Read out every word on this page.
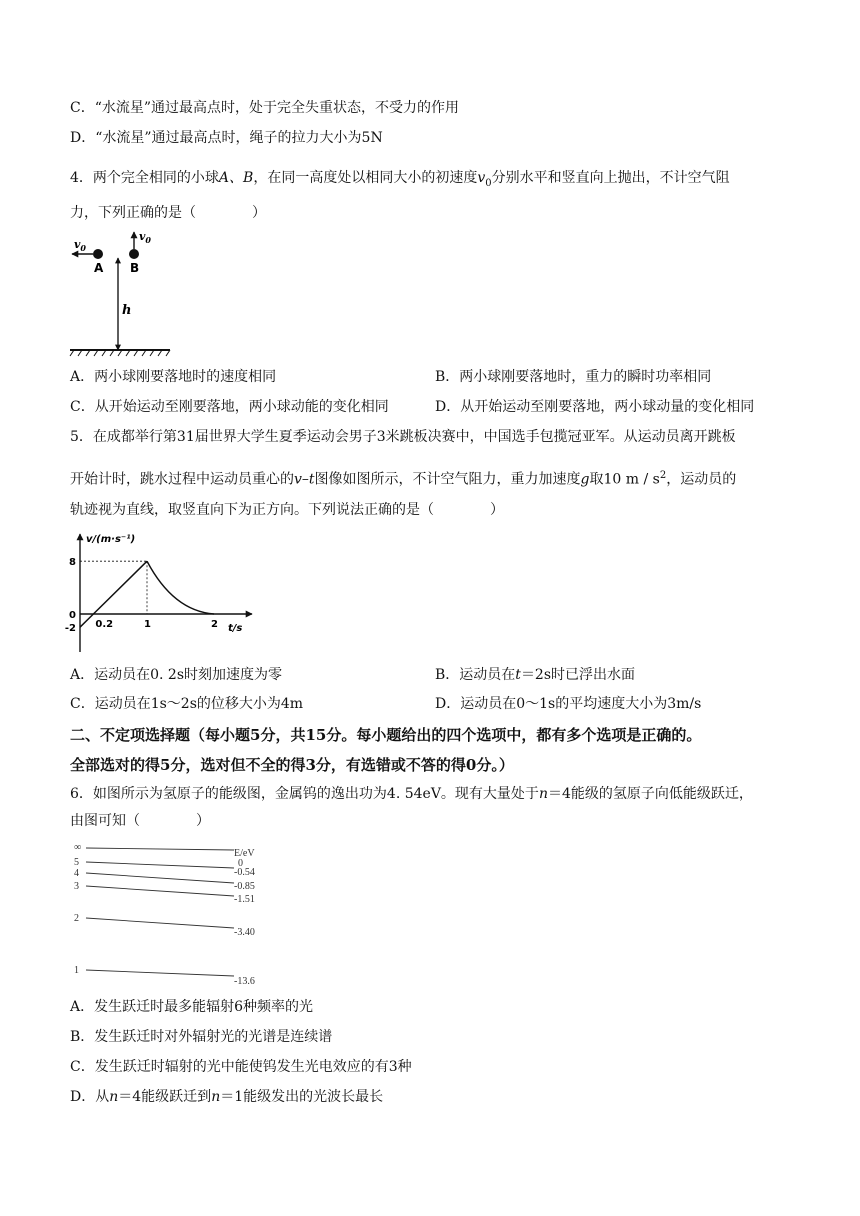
C．“水流星”通过最高点时，处于完全失重状态，不受力的作用
D．“水流星”通过最高点时，绳子的拉力大小为5N
4．两个完全相同的小球A、B，在同一高度处以相同大小的初速度$v_0$分别水平和竖直向上抛出，不计空气阻
力，下列正确的是（　　　　）
h
$v_0$
A
$v_0$
B
A．两小球刚要落地时的速度相同	B．两小球刚要落地时，重力的瞬时功率相同
C．从开始运动至刚要落地，两小球动能的变化相同	D．从开始运动至刚要落地，两小球动量的变化相同
5．在成都举行第31届世界大学生夏季运动会男子3米跳板决赛中，中国选手包揽冠亚军。从运动员离开跳板
开始计时，跳水过程中运动员重心的v–t图像如图所示，不计空气阻力，重力加速度g取10 m / $s^2$，运动员的
轨迹视为直线，取竖直向下为正方向。下列说法正确的是（　　　　）
v/(m·s⁻¹)
t/s
8
0
-2 0.2	1	2
A．运动员在0. 2s时刻加速度为零	B．运动员在t＝2s时已浮出水面
C．运动员在1s～2s的位移大小为4m	D．运动员在0～1s的平均速度大小为3m/s
二、不定项选择题（每小题5分，共15分。每小题给出的四个选项中，都有多个选项是正确的。
全部选对的得5分，选对但不全的得3分，有选错或不答的得0分。）
6．如图所示为氢原子的能级图，金属钨的逸出功为4. 54eV。现有大量处于n＝4能级的氢原子向低能级跃迁，
由图可知（　　　　）
∞
5
4
3
2
1
E/eV
0
-0.54
-0.85
-1.51
-3.40
-13.6
A．发生跃迁时最多能辐射6种频率的光
B．发生跃迁时对外辐射光的光谱是连续谱
C．发生跃迁时辐射的光中能使钨发生光电效应的有3种
D．从n＝4能级跃迁到n＝1能级发出的光波长最长
